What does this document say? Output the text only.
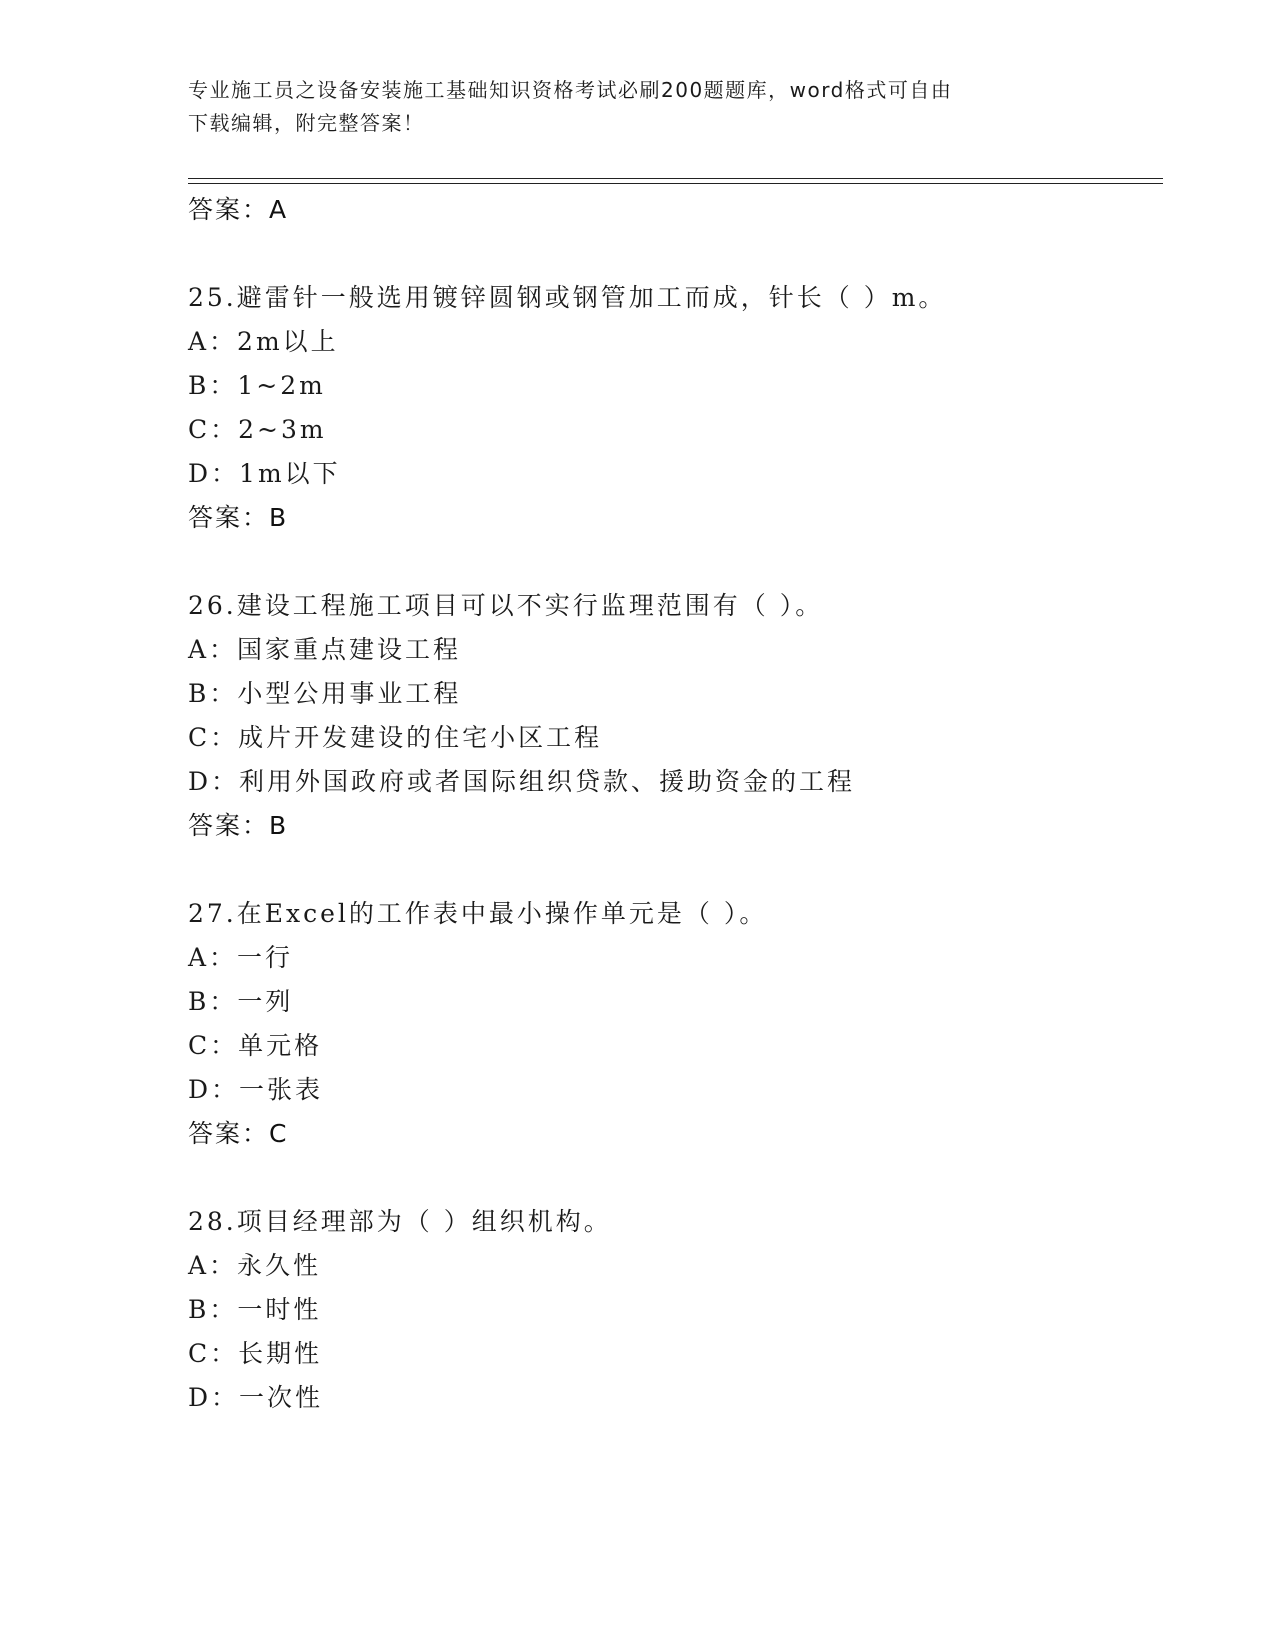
专业施工员之设备安装施工基础知识资格考试必刷200题题库，word格式可自由
下载编辑，附完整答案！
答案：A
25.避雷针一般选用镀锌圆钢或钢管加工而成，针长（ ）m。
A：2m以上
B：1~2m
C：2~3m
D：1m以下
答案：B
26.建设工程施工项目可以不实行监理范围有（ ）。
A：国家重点建设工程
B：小型公用事业工程
C：成片开发建设的住宅小区工程
D：利用外国政府或者国际组织贷款、援助资金的工程
答案：B
27.在Excel的工作表中最小操作单元是（ ）。
A：一行
B：一列
C：单元格
D：一张表
答案：C
28.项目经理部为（ ）组织机构。
A：永久性
B：一时性
C：长期性
D：一次性
